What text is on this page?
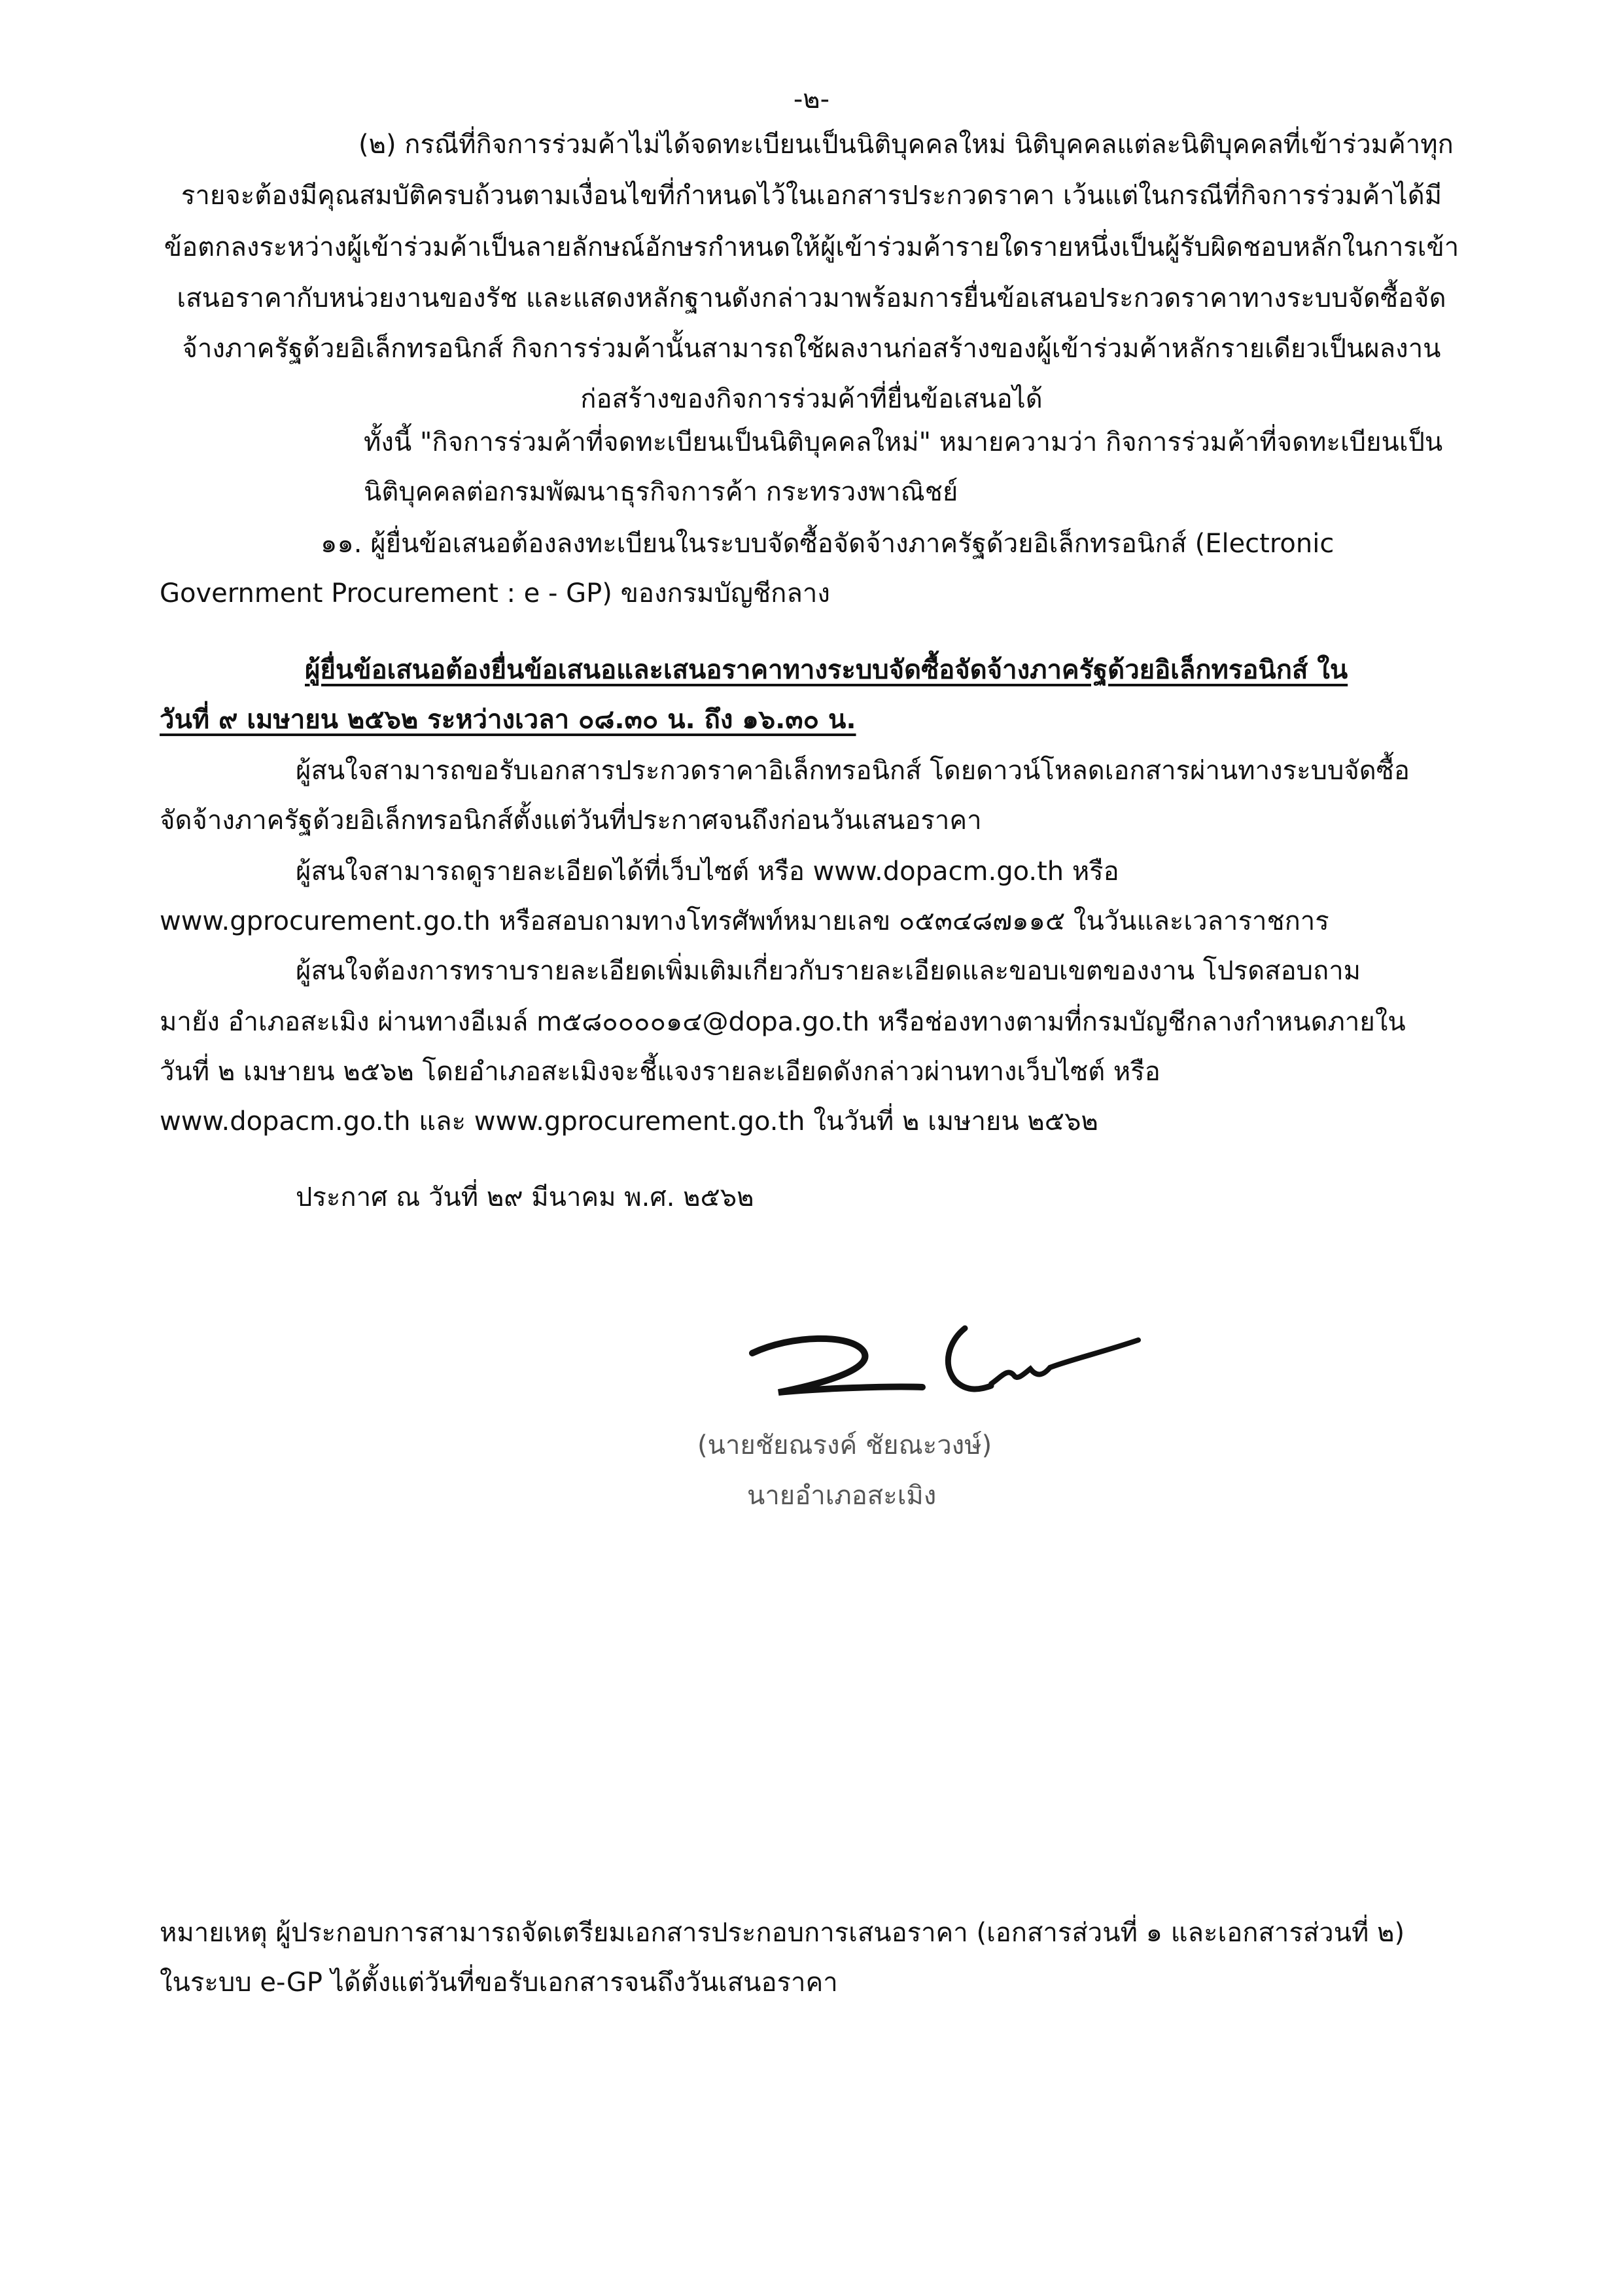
-๒-

(๒) กรณีที่กิจการร่วมค้าไม่ได้จดทะเบียนเป็นนิติบุคคลใหม่ นิติบุคคลแต่ละนิติบุคคลที่เข้าร่วมค้าทุก

รายจะต้องมีคุณสมบัติครบถ้วนตามเงื่อนไขที่กำหนดไว้ในเอกสารประกวดราคา เว้นแต่ในกรณีที่กิจการร่วมค้าได้มี

ข้อตกลงระหว่างผู้เข้าร่วมค้าเป็นลายลักษณ์อักษรกำหนดให้ผู้เข้าร่วมค้ารายใดรายหนึ่งเป็นผู้รับผิดชอบหลักในการเข้า

เสนอราคากับหน่วยงานของรัช และแสดงหลักฐานดังกล่าวมาพร้อมการยื่นข้อเสนอประกวดราคาทางระบบจัดซื้อจัด

จ้างภาครัฐด้วยอิเล็กทรอนิกส์ กิจการร่วมค้านั้นสามารถใช้ผลงานก่อสร้างของผู้เข้าร่วมค้าหลักรายเดียวเป็นผลงาน

ก่อสร้างของกิจการร่วมค้าที่ยื่นข้อเสนอได้

ทั้งนี้ "กิจการร่วมค้าที่จดทะเบียนเป็นนิติบุคคลใหม่" หมายความว่า กิจการร่วมค้าที่จดทะเบียนเป็น

นิติบุคคลต่อกรมพัฒนาธุรกิจการค้า กระทรวงพาณิชย์

๑๑. ผู้ยื่นข้อเสนอต้องลงทะเบียนในระบบจัดซื้อจัดจ้างภาครัฐด้วยอิเล็กทรอนิกส์ (Electronic

Government Procurement : e - GP) ของกรมบัญชีกลาง

ผู้ยื่นข้อเสนอต้องยื่นข้อเสนอและเสนอราคาทางระบบจัดซื้อจัดจ้างภาครัฐด้วยอิเล็กทรอนิกส์ ใน

วันที่ ๙ เมษายน ๒๕๖๒ ระหว่างเวลา ๐๘.๓๐ น. ถึง ๑๖.๓๐ น.

ผู้สนใจสามารถขอรับเอกสารประกวดราคาอิเล็กทรอนิกส์ โดยดาวน์โหลดเอกสารผ่านทางระบบจัดซื้อ

จัดจ้างภาครัฐด้วยอิเล็กทรอนิกส์ตั้งแต่วันที่ประกาศจนถึงก่อนวันเสนอราคา

ผู้สนใจสามารถดูรายละเอียดได้ที่เว็บไซต์ หรือ www.dopacm.go.th หรือ

www.gprocurement.go.th หรือสอบถามทางโทรศัพท์หมายเลข ๐๕๓๔๘๗๑๑๕ ในวันและเวลาราชการ

ผู้สนใจต้องการทราบรายละเอียดเพิ่มเติมเกี่ยวกับรายละเอียดและขอบเขตของงาน โปรดสอบถาม

มายัง อำเภอสะเมิง ผ่านทางอีเมล์ m๕๘๐๐๐๐๑๔@dopa.go.th หรือช่องทางตามที่กรมบัญชีกลางกำหนดภายใน

วันที่ ๒ เมษายน ๒๕๖๒ โดยอำเภอสะเมิงจะชี้แจงรายละเอียดดังกล่าวผ่านทางเว็บไซต์ หรือ

www.dopacm.go.th และ www.gprocurement.go.th ในวันที่ ๒ เมษายน ๒๕๖๒

ประกาศ ณ วันที่ ๒๙ มีนาคม พ.ศ. ๒๕๖๒

(นายชัยณรงค์ ชัยณะวงษ์)

นายอำเภอสะเมิง

หมายเหตุ ผู้ประกอบการสามารถจัดเตรียมเอกสารประกอบการเสนอราคา (เอกสารส่วนที่ ๑ และเอกสารส่วนที่ ๒)

ในระบบ e-GP ได้ตั้งแต่วันที่ขอรับเอกสารจนถึงวันเสนอราคา
